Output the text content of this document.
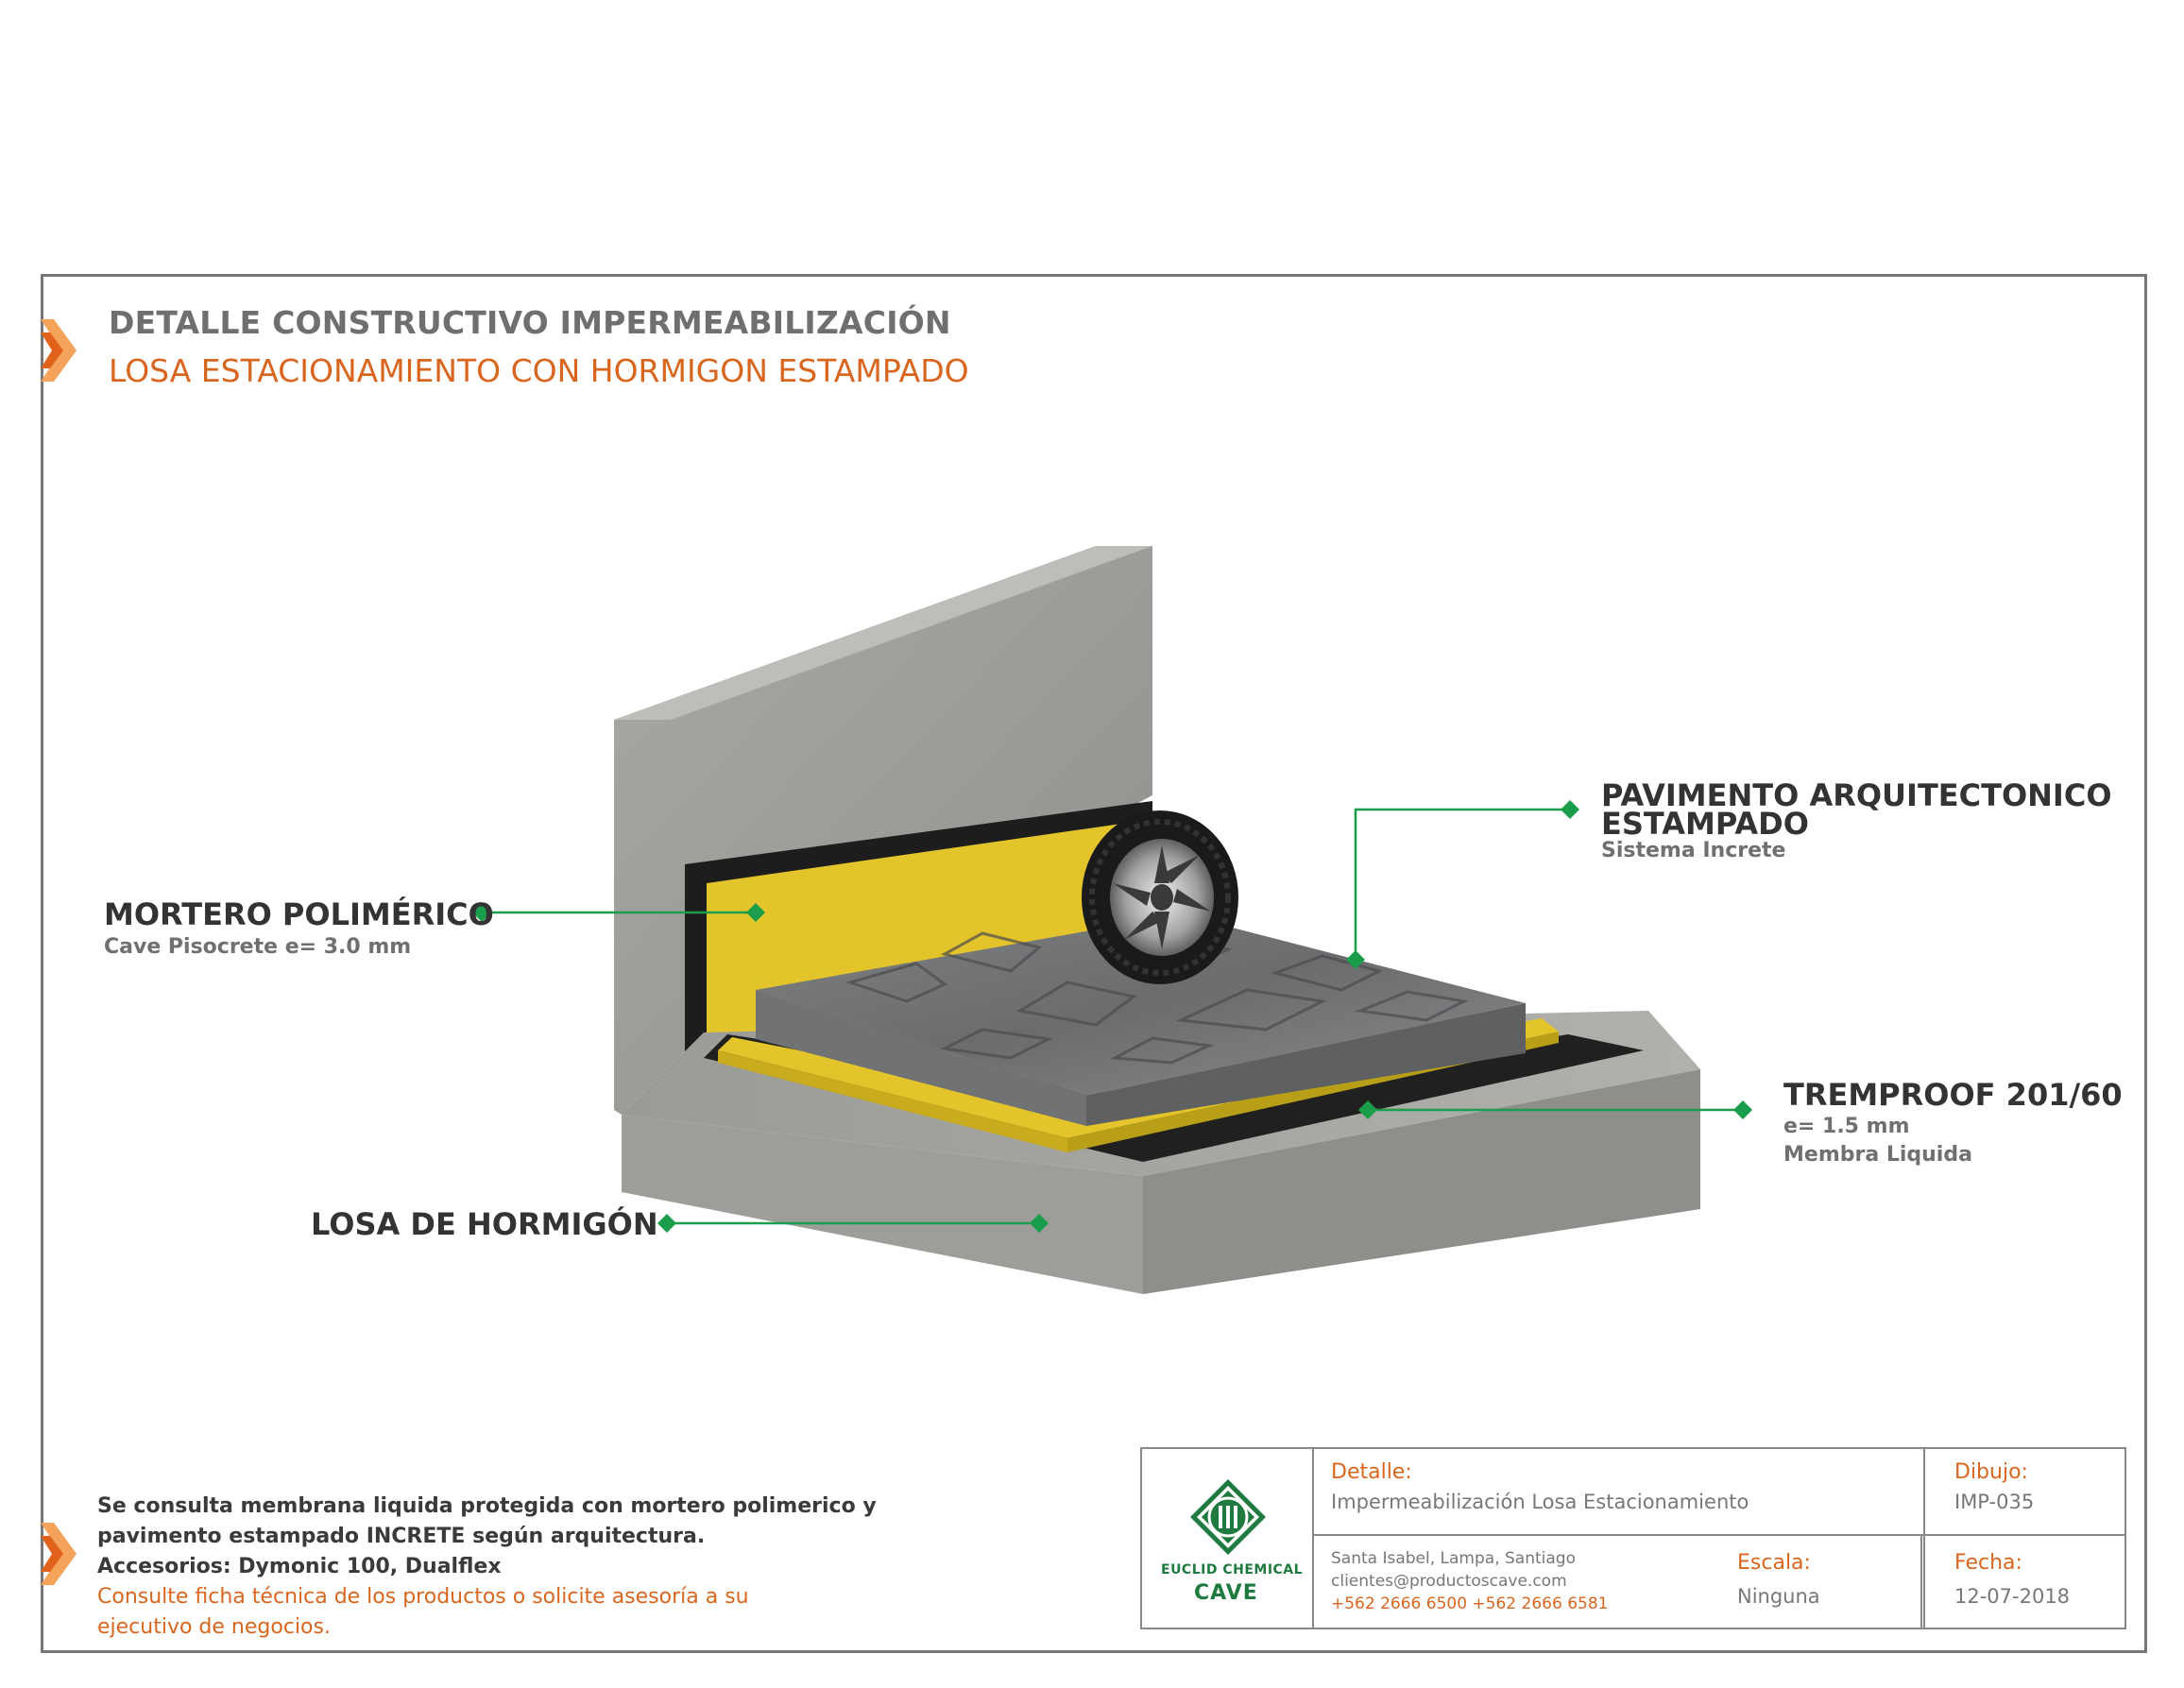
DETALLE CONSTRUCTIVO IMPERMEABILIZACIÓN
LOSA ESTACIONAMIENTO CON HORMIGON ESTAMPADO
PAVIMENTO ARQUITECTONICO
ESTAMPADO
Sistema Increte
MORTERO POLIMÉRICO
Cave Pisocrete e= 3.0 mm
TREMPROOF 201/60
e= 1.5 mm
Membra Liquida
LOSA DE HORMIGÓN
Se consulta membrana liquida protegida con mortero polimerico y
pavimento estampado INCRETE según arquitectura.
Accesorios: Dymonic 100, Dualflex
Consulte ficha técnica de los productos o solicite asesoría a su
ejecutivo de negocios.
EUCLID CHEMICAL
CAVE
Detalle:
Impermeabilización Losa Estacionamiento
Dibujo:
IMP-035
Santa Isabel, Lampa, Santiago
clientes@productoscave.com
+562 2666 6500 +562 2666 6581
Escala:
Ninguna
Fecha:
12-07-2018
